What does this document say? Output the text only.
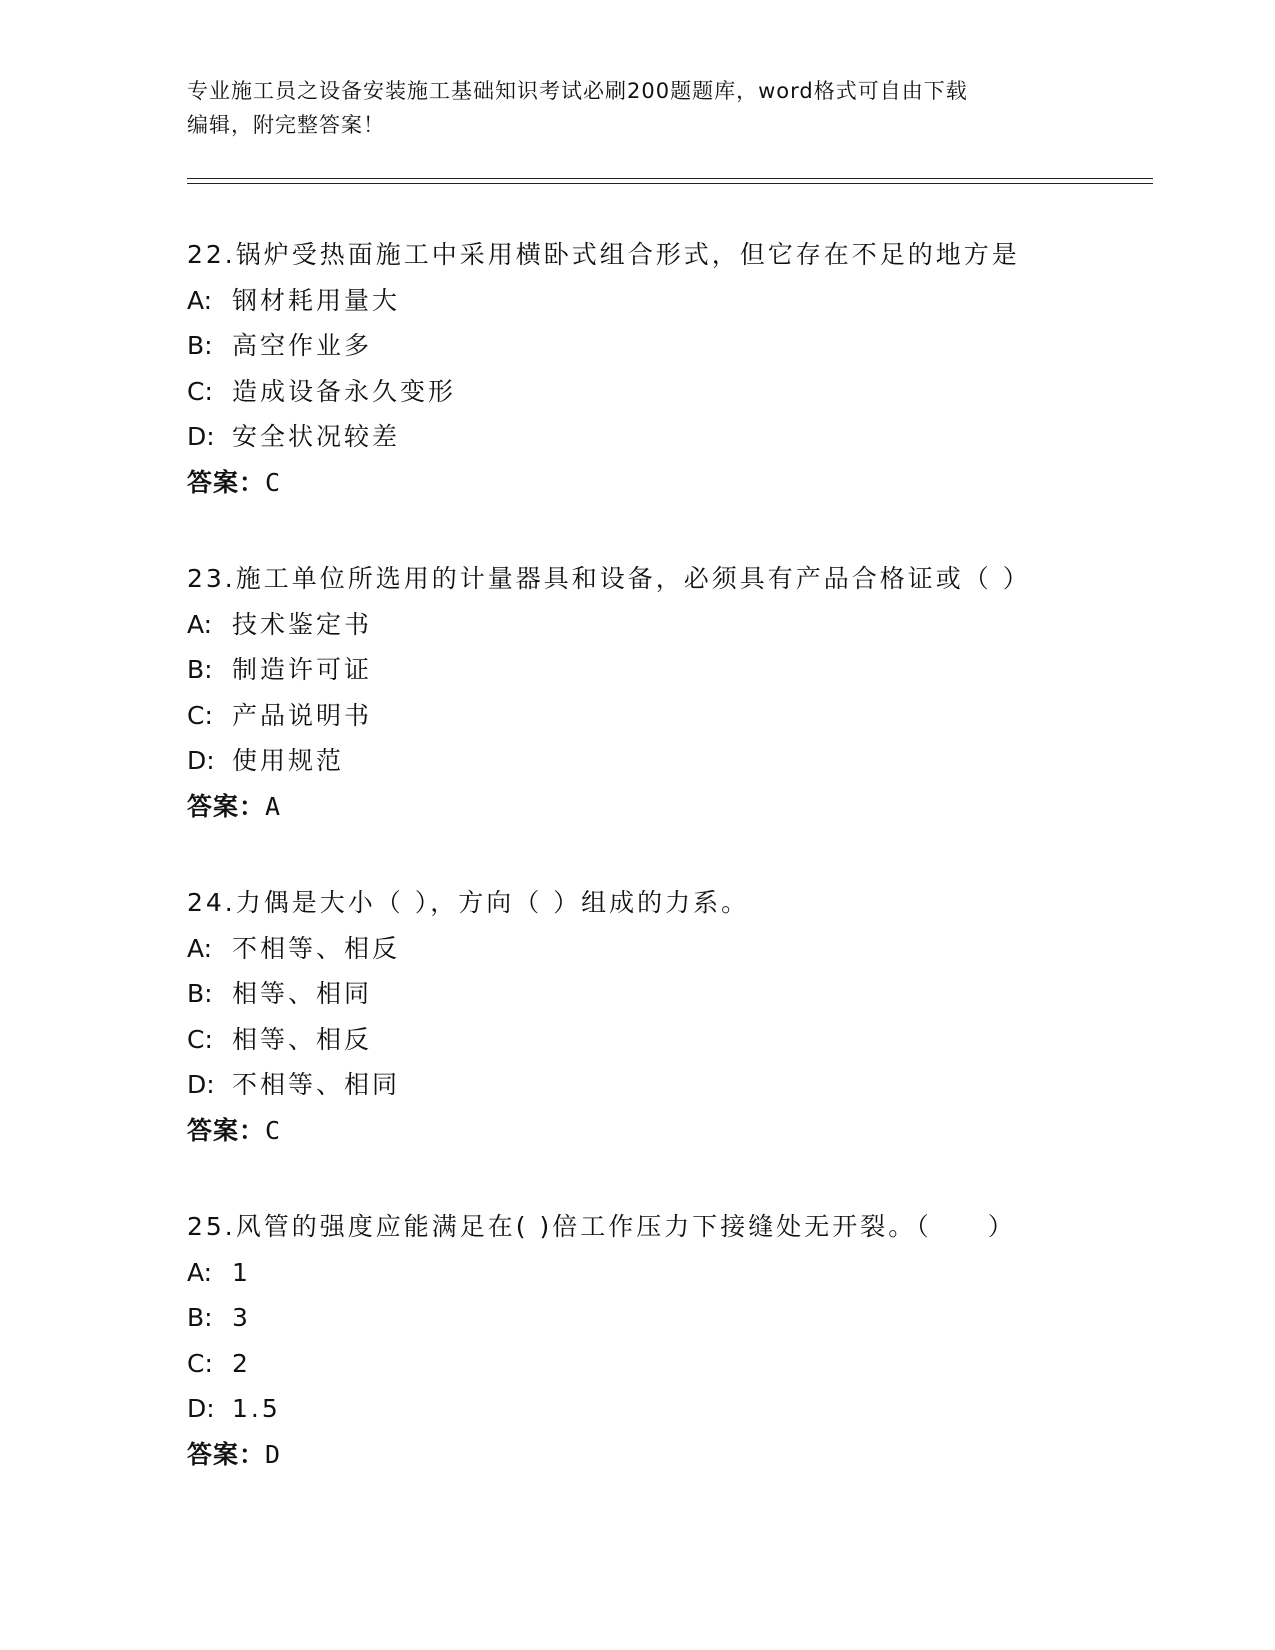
专业施工员之设备安装施工基础知识考试必刷200题题库，word格式可自由下载
编辑，附完整答案！
22.锅炉受热面施工中采用横卧式组合形式，但它存在不足的地方是
A: 钢材耗用量大
B: 高空作业多
C: 造成设备永久变形
D: 安全状况较差
答案：C
23.施工单位所选用的计量器具和设备，必须具有产品合格证或（ ）
A: 技术鉴定书
B: 制造许可证
C: 产品说明书
D: 使用规范
答案：A
24.力偶是大小（ ），方向（ ）组成的力系。
A: 不相等、相反
B: 相等、相同
C: 相等、相反
D: 不相等、相同
答案：C
25.风管的强度应能满足在( )倍工作压力下接缝处无开裂。（　　）
A: 1
B: 3
C: 2
D: 1.5
答案：D
